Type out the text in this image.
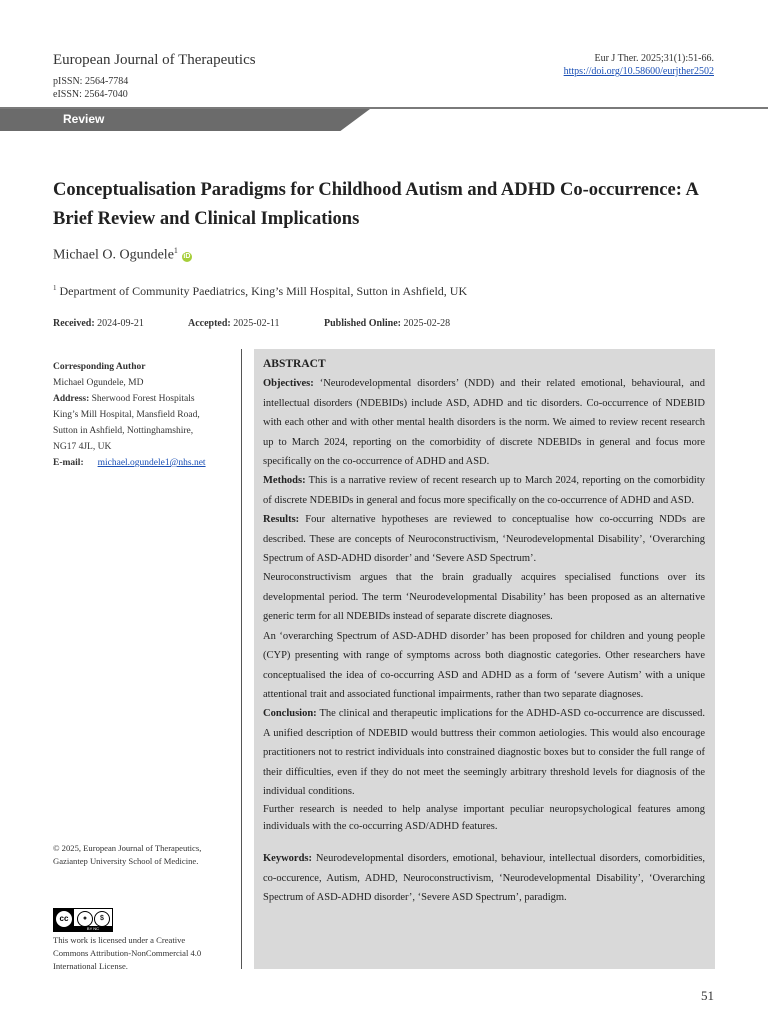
European Journal of Therapeutics
pISSN: 2564-7784
eISSN: 2564-7040
Eur J Ther. 2025;31(1):51-66.
https://doi.org/10.58600/eurjther2502
Review
Conceptualisation Paradigms for Childhood Autism and ADHD Co-occurrence: A Brief Review and Clinical Implications
Michael O. Ogundele$^1$iD
$^1$ Department of Community Paediatrics, King’s Mill Hospital, Sutton in Ashfield, UK
Received: 2024-09-21	Accepted: 2025-02-11	Published Online: 2025-02-28
Corresponding Author
Michael Ogundele, MD
Address: Sherwood Forest Hospitals
King’s Mill Hospital, Mansfield Road,
Sutton in Ashfield, Nottinghamshire,
NG17 4JL, UK
E-mail: michael.ogundele1@nhs.net
© 2025, European Journal of Therapeutics, Gaziantep University School of Medicine.
cc	●	$
BY NC
This work is licensed under a Creative Commons Attribution-NonCommercial 4.0 International License.

ABSTRACT

Objectives: ‘Neurodevelopmental disorders’ (NDD) and their related emotional, behavioural, and intellectual disorders (NDEBIDs) include ASD, ADHD and tic disorders. Co-occurrence of NDEBID with each other and with other mental health disorders is the norm. We aimed to review recent research up to March 2024, reporting on the comorbidity of discrete NDEBIDs in general and focus more specifically on the co-occurrence of ADHD and ASD.

Methods: This is a narrative review of recent research up to March 2024, reporting on the comorbidity of discrete NDEBIDs in general and focus more specifically on the co-occurrence of ADHD and ASD.

Results: Four alternative hypotheses are reviewed to conceptualise how co-occurring NDDs are described. These are concepts of Neuroconstructivism, ‘Neurodevelopmental Disability’, ‘Overarching Spectrum of ASD-ADHD disorder’ and ‘Severe ASD Spectrum’.

Neuroconstructivism argues that the brain gradually acquires specialised functions over its developmental period. The term ‘Neurodevelopmental Disability’ has been proposed as an alternative generic term for all NDEBIDs instead of separate discrete diagnoses.

An ‘overarching Spectrum of ASD-ADHD disorder’ has been proposed for children and young people (CYP) presenting with range of symptoms across both diagnostic categories. Other researchers have conceptualised the idea of co-occurring ASD and ADHD as a form of ‘severe Autism’ with a unique attentional trait and associated functional impairments, rather than two separate diagnoses.

Conclusion: The clinical and therapeutic implications for the ADHD-ASD co-occurrence are discussed. A unified description of NDEBID would buttress their common aetiologies. This would also encourage practitioners not to restrict individuals into constrained diagnostic boxes but to consider the full range of their difficulties, even if they do not meet the seemingly arbitrary threshold levels for diagnosis of the individual conditions.

Further research is needed to help analyse important peculiar neuropsychological features among individuals with the co-occurring ASD/ADHD features.

Keywords: Neurodevelopmental disorders, emotional, behaviour, intellectual disorders, comorbidities, co-occurence, Autism, ADHD, Neuroconstructivism, ‘Neurodevelopmental Disability’, ‘Overarching Spectrum of ASD-ADHD disorder’, ‘Severe ASD Spectrum’, paradigm.

51
